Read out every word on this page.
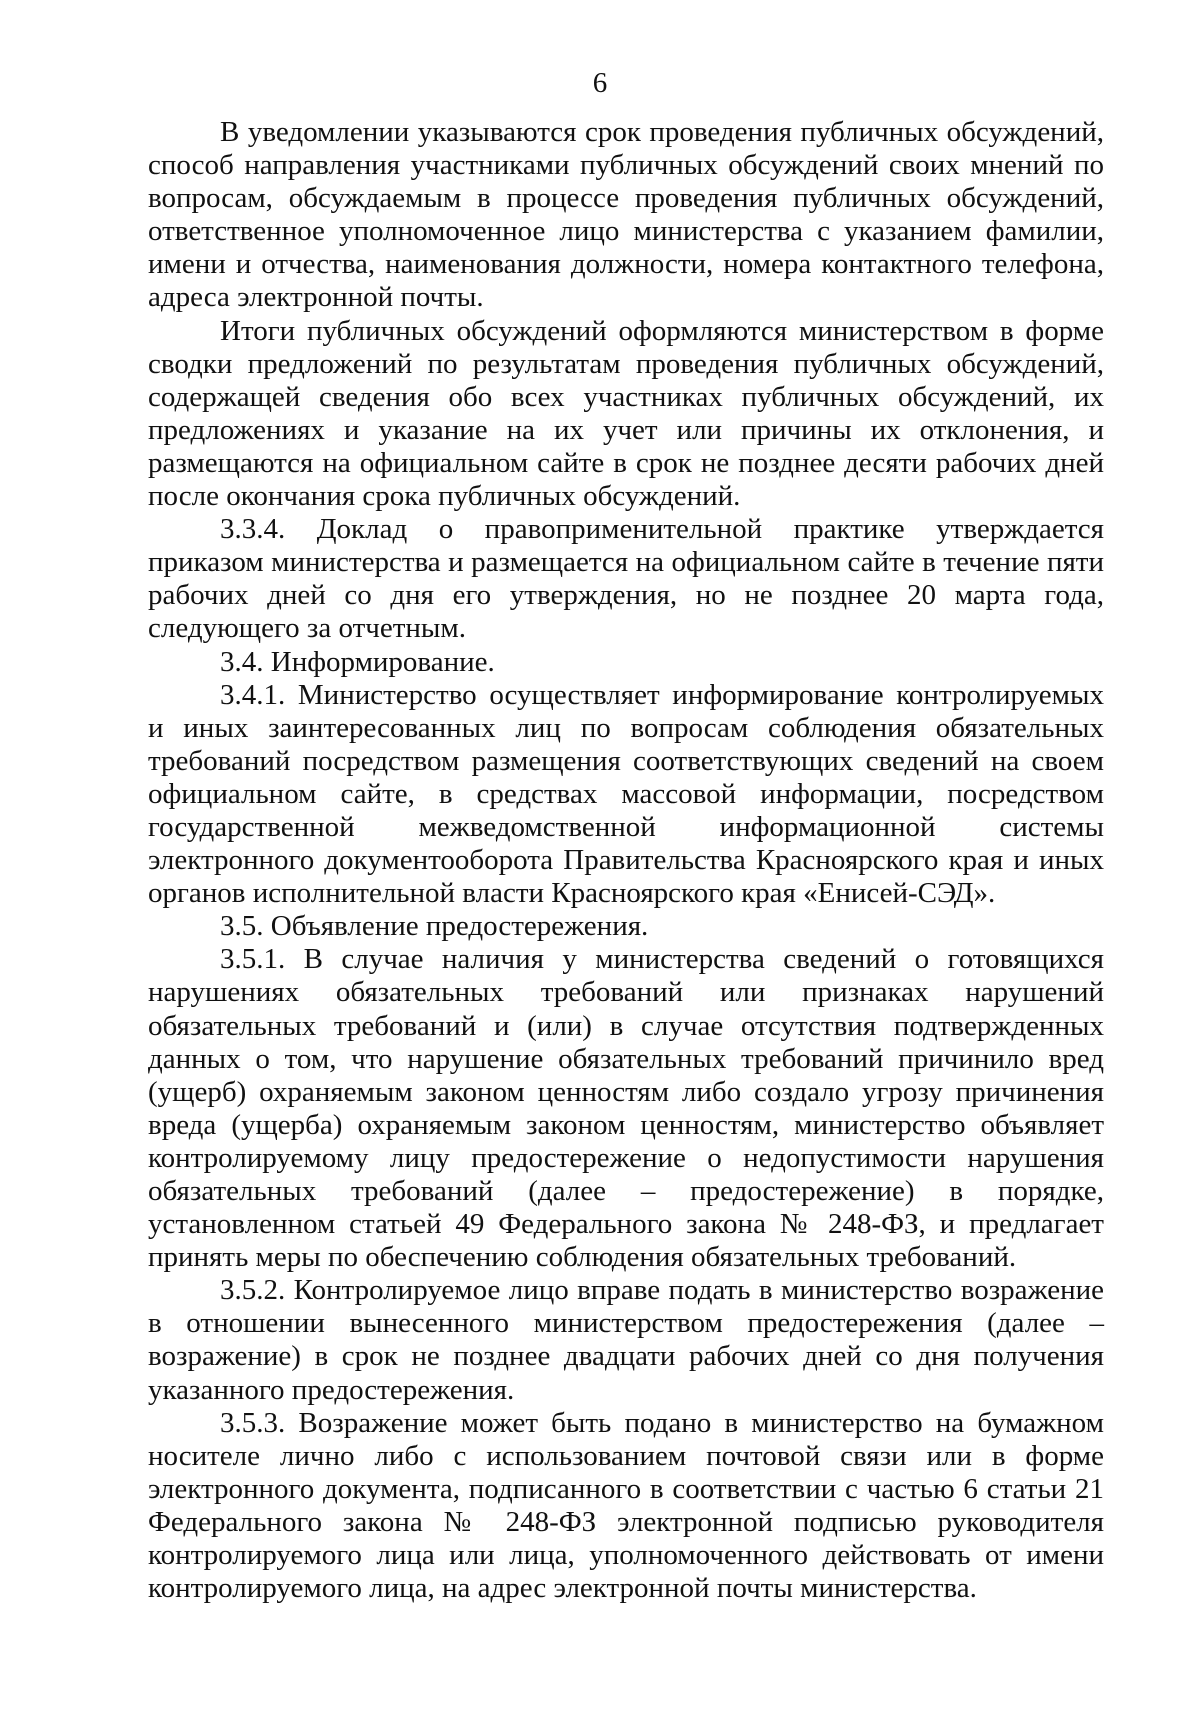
6

В уведомлении указываются срок проведения публичных обсуждений, способ направления участниками публичных обсуждений своих мнений по вопросам, обсуждаемым в процессе проведения публичных обсуждений, ответственное уполномоченное лицо министерства с указанием фамилии, имени и отчества, наименования должности, номера контактного телефона, адреса электронной почты.

Итоги публичных обсуждений оформляются министерством в форме сводки предложений по результатам проведения публичных обсуждений, содержащей сведения обо всех участниках публичных обсуждений, их предложениях и указание на их учет или причины их отклонения, и размещаются на официальном сайте в срок не позднее десяти рабочих дней после окончания срока публичных обсуждений.

3.3.4. Доклад о правоприменительной практике утверждается приказом министерства и размещается на официальном сайте в течение пяти рабочих дней со дня его утверждения, но не позднее 20 марта года, следующего за отчетным.

3.4. Информирование.

3.4.1. Министерство осуществляет информирование контролируемых и иных заинтересованных лиц по вопросам соблюдения обязательных требований посредством размещения соответствующих сведений на своем официальном сайте, в средствах массовой информации, посредством государственной межведомственной информационной системы электронного документооборота Правительства Красноярского края и иных органов исполнительной власти Красноярского края «Енисей-СЭД».

3.5. Объявление предостережения.

3.5.1. В случае наличия у министерства сведений о готовящихся нарушениях обязательных требований или признаках нарушений обязательных требований и (или) в случае отсутствия подтвержденных данных о том, что нарушение обязательных требований причинило вред (ущерб) охраняемым законом ценностям либо создало угрозу причинения вреда (ущерба) охраняемым законом ценностям, министерство объявляет контролируемому лицу предостережение о недопустимости нарушения обязательных требований (далее – предостережение) в порядке, установленном статьей 49 Федерального закона № 248-ФЗ, и предлагает принять меры по обеспечению соблюдения обязательных требований.

3.5.2. Контролируемое лицо вправе подать в министерство возражение в отношении вынесенного министерством предостережения (далее – возражение) в срок не позднее двадцати рабочих дней со дня получения указанного предостережения.

3.5.3. Возражение может быть подано в министерство на бумажном носителе лично либо с использованием почтовой связи или в форме электронного документа, подписанного в соответствии с частью 6 статьи 21 Федерального закона № 248-ФЗ электронной подписью руководителя контролируемого лица или лица, уполномоченного действовать от имени контролируемого лица, на адрес электронной почты министерства.
